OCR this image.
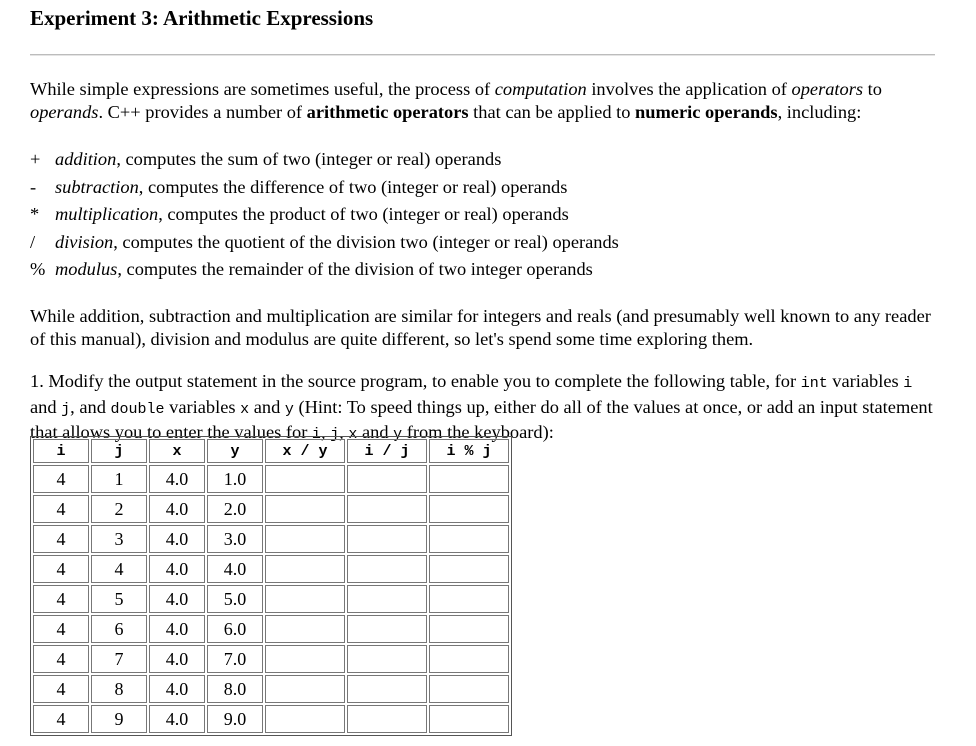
Experiment 3: Arithmetic Expressions

While simple expressions are sometimes useful, the process of computation involves the application of operators to operands. C++ provides a number of arithmetic operators that can be applied to numeric operands, including:

+ addition, computes the sum of two (integer or real) operands
- subtraction, computes the difference of two (integer or real) operands
* multiplication, computes the product of two (integer or real) operands
/ division, computes the quotient of the division two (integer or real) operands
% modulus, computes the remainder of the division of two integer operands

While addition, subtraction and multiplication are similar for integers and reals (and presumably well known to any reader of this manual), division and modulus are quite different, so let's spend some time exploring them.

1. Modify the output statement in the source program, to enable you to complete the following table, for int variables i and j, and double variables x and y (Hint: To speed things up, either do all of the values at once, or add an input statement that allows you to enter the values for i, j, x and y from the keyboard):

i	j	x	y	x / y	i / j	i % j
4	1	4.0	1.0			
4	2	4.0	2.0			
4	3	4.0	3.0			
4	4	4.0	4.0			
4	5	4.0	5.0			
4	6	4.0	6.0			
4	7	4.0	7.0			
4	8	4.0	8.0			
4	9	4.0	9.0			
